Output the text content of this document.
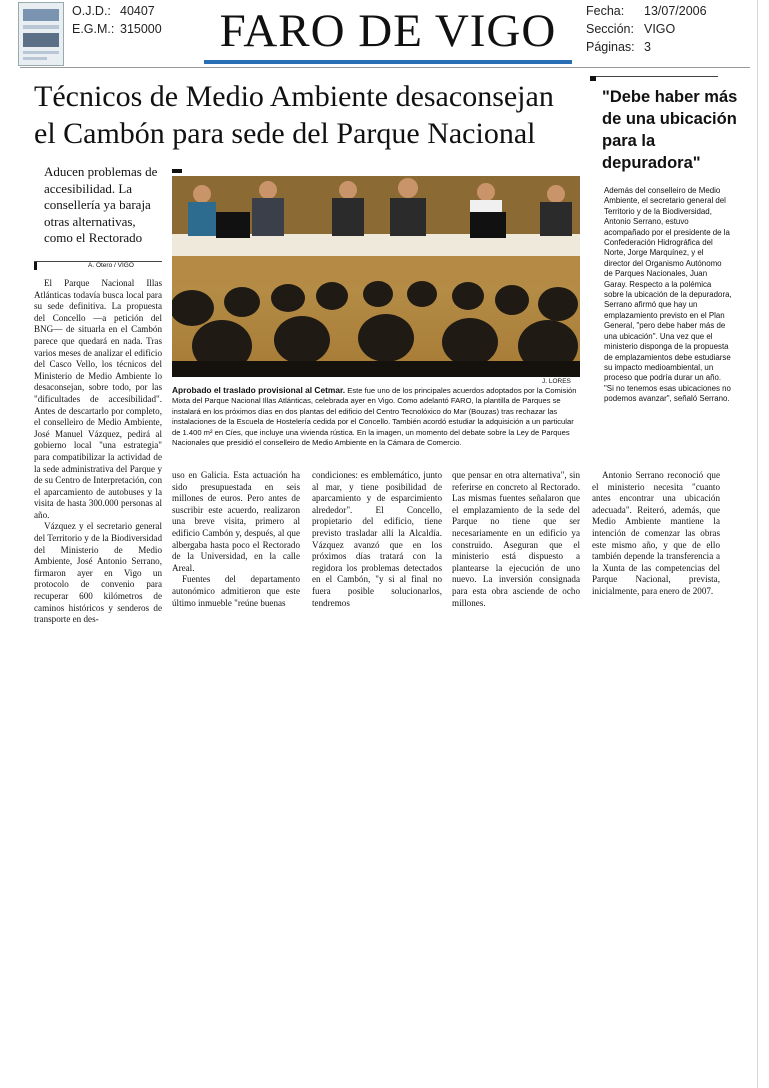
O.J.D.: 40407
E.G.M.: 315000	FARO DE VIGO	Fecha: 13/07/2006
Sección: VIGO
Páginas: 3
Técnicos de Medio Ambiente desaconsejan el Cambón para sede del Parque Nacional
Aducen problemas de accesibilidad. La consellería ya baraja otras alternativas, como el Rectorado
A. Otero / VIGO

El Parque Nacional Illas Atlánticas todavía busca local para su sede definitiva. La propuesta del Concello —a petición del BNG— de situarla en el Cambón parece que quedará en nada. Tras varios meses de analizar el edificio del Casco Vello, los técnicos del Ministerio de Medio Ambiente lo desaconsejan, sobre todo, por las "dificultades de accesibilidad". Antes de descartarlo por completo, el conselleiro de Medio Ambiente, José Manuel Vázquez, pedirá al gobierno local "una estrategia" para compatibilizar la actividad de la sede administrativa del Parque y de su Centro de Interpretación, con el aparcamiento de autobuses y la visita de hasta 300.000 personas al año.

Vázquez y el secretario general del Territorio y de la Biodiversidad del Ministerio de Medio Ambiente, José Antonio Serrano, firmaron ayer en Vigo un protocolo de convenio para recuperar 600 kilómetros de caminos históricos y senderos de transporte en des-

J. LORES
Aprobado el traslado provisional al Cetmar. Este fue uno de los principales acuerdos adoptados por la Comisión Mixta del Parque Nacional Illas Atlánticas, celebrada ayer en Vigo. Como adelantó FARO, la plantilla de Parques se instalará en los próximos días en dos plantas del edificio del Centro Tecnolóxico do Mar (Bouzas) tras rechazar las instalaciones de la Escuela de Hostelería cedida por el Concello. También acordó estudiar la adquisición a un particular de 1.400 m² en Cíes, que incluye una vivienda rústica. En la imagen, un momento del debate sobre la Ley de Parques Nacionales que presidió el conselleiro de Medio Ambiente en la Cámara de Comercio.

uso en Galicia. Esta actuación ha sido presupuestada en seis millones de euros. Pero antes de suscribir este acuerdo, realizaron una breve visita, primero al edificio Cambón y, después, al que albergaba hasta poco el Rectorado de la Universidad, en la calle Areal.

Fuentes del departamento autonómico admitieron que este último inmueble "reúne buenas

condiciones: es emblemático, junto al mar, y tiene posibilidad de aparcamiento y de esparcimiento alrededor". El Concello, propietario del edificio, tiene previsto trasladar allí la Alcaldía. Vázquez avanzó que en los próximos días tratará con la regidora los problemas detectados en el Cambón, "y si al final no fuera posible solucionarlos, tendremos

que pensar en otra alternativa", sin referirse en concreto al Rectorado. Las mismas fuentes señalaron que el emplazamiento de la sede del Parque no tiene que ser necesariamente en un edificio ya construido. Aseguran que el ministerio está dispuesto a plantearse la ejecución de uno nuevo. La inversión consignada para esta obra asciende de ocho millones.

Antonio Serrano reconoció que el ministerio necesita "cuanto antes encontrar una ubicación adecuada". Reiteró, además, que Medio Ambiente mantiene la intención de comenzar las obras este mismo año, y que de ello también depende la transferencia a la Xunta de las competencias del Parque Nacional, prevista, inicialmente, para enero de 2007.

"Debe haber más de una ubicación para la depuradora"
Además del conselleiro de Medio Ambiente, el secretario general del Territorio y de la Biodiversidad, Antonio Serrano, estuvo acompañado por el presidente de la Confederación Hidrográfica del Norte, Jorge Marquínez, y el director del Organismo Autónomo de Parques Nacionales, Juan Garay. Respecto a la polémica sobre la ubicación de la depuradora, Serrano afirmó que hay un emplazamiento previsto en el Plan General, "pero debe haber más de una ubicación". Una vez que el ministerio disponga de la propuesta de emplazamientos debe estudiarse su impacto medioambiental, un proceso que podría durar un año. "Si no tenemos esas ubicaciones no podemos avanzar", señaló Serrano.
